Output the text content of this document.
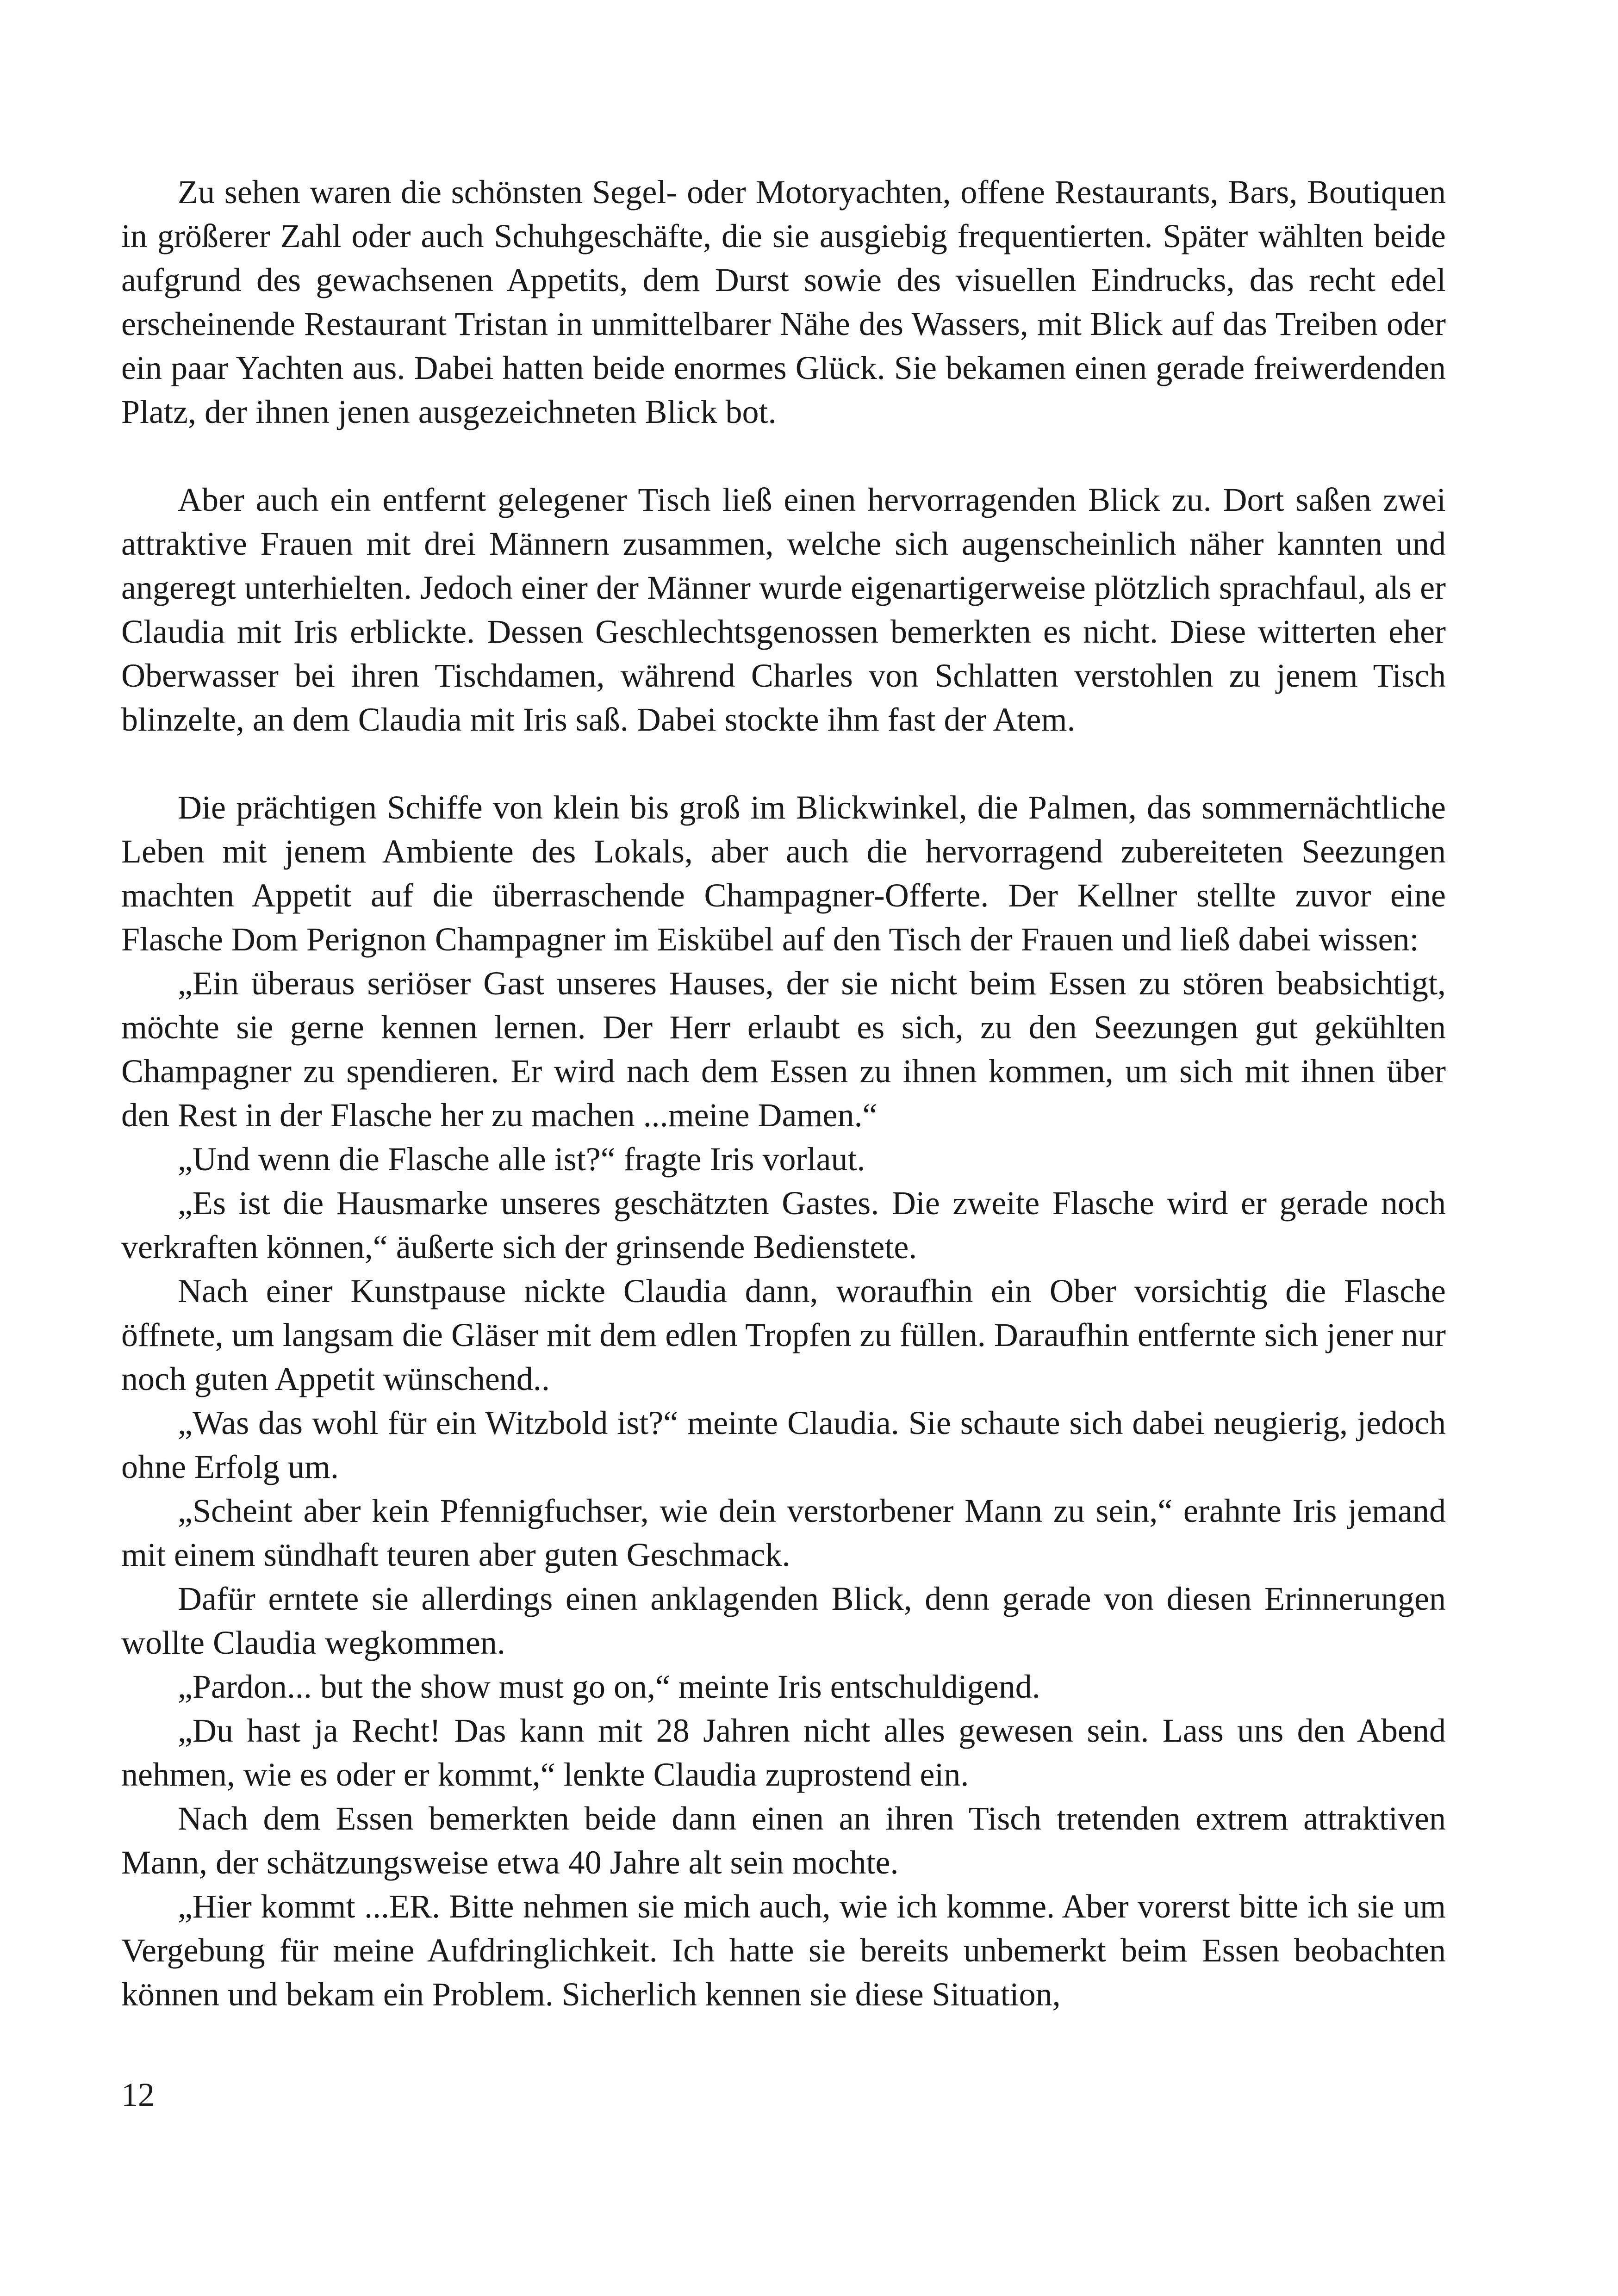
Zu sehen waren die schönsten Segel- oder Motoryachten, offene Restaurants, Bars, Boutiquen in größerer Zahl oder auch Schuhgeschäfte, die sie ausgiebig frequentierten. Später wählten beide aufgrund des gewachsenen Appetits, dem Durst sowie des visuellen Eindrucks, das recht edel erscheinende Restaurant Tristan in unmittelbarer Nähe des Wassers, mit Blick auf das Treiben oder ein paar Yachten aus. Dabei hatten beide enormes Glück. Sie bekamen einen gerade freiwerdenden Platz, der ihnen jenen ausgezeichneten Blick bot.

Aber auch ein entfernt gelegener Tisch ließ einen hervorragenden Blick zu. Dort saßen zwei attraktive Frauen mit drei Männern zusammen, welche sich augenscheinlich näher kannten und angeregt unterhielten. Jedoch einer der Männer wurde eigenartigerweise plötzlich sprachfaul, als er Claudia mit Iris erblickte. Dessen Geschlechtsgenossen bemerkten es nicht. Diese witterten eher Oberwasser bei ihren Tischdamen, während Charles von Schlatten verstohlen zu jenem Tisch blinzelte, an dem Claudia mit Iris saß. Dabei stockte ihm fast der Atem.

Die prächtigen Schiffe von klein bis groß im Blickwinkel, die Palmen, das sommernächtliche Leben mit jenem Ambiente des Lokals, aber auch die hervorragend zubereiteten Seezungen machten Appetit auf die überraschende Champagner-Offerte. Der Kellner stellte zuvor eine Flasche Dom Perignon Champagner im Eiskübel auf den Tisch der Frauen und ließ dabei wissen:

„Ein überaus seriöser Gast unseres Hauses, der sie nicht beim Essen zu stören beabsichtigt, möchte sie gerne kennen lernen. Der Herr erlaubt es sich, zu den Seezungen gut gekühlten Champagner zu spendieren. Er wird nach dem Essen zu ihnen kommen, um sich mit ihnen über den Rest in der Flasche her zu machen ...meine Damen.“

„Und wenn die Flasche alle ist?“ fragte Iris vorlaut.

„Es ist die Hausmarke unseres geschätzten Gastes. Die zweite Flasche wird er gerade noch verkraften können,“ äußerte sich der grinsende Bedienstete.

Nach einer Kunstpause nickte Claudia dann, woraufhin ein Ober vorsichtig die Flasche öffnete, um langsam die Gläser mit dem edlen Tropfen zu füllen. Daraufhin entfernte sich jener nur noch guten Appetit wünschend..

„Was das wohl für ein Witzbold ist?“ meinte Claudia. Sie schaute sich dabei neugierig, jedoch ohne Erfolg um.

„Scheint aber kein Pfennigfuchser, wie dein verstorbener Mann zu sein,“ erahnte Iris jemand mit einem sündhaft teuren aber guten Geschmack.

Dafür erntete sie allerdings einen anklagenden Blick, denn gerade von diesen Erinnerungen wollte Claudia wegkommen.

„Pardon... but the show must go on,“ meinte Iris entschuldigend.

„Du hast ja Recht! Das kann mit 28 Jahren nicht alles gewesen sein. Lass uns den Abend nehmen, wie es oder er kommt,“ lenkte Claudia zuprostend ein.

Nach dem Essen bemerkten beide dann einen an ihren Tisch tretenden extrem attraktiven Mann, der schätzungsweise etwa 40 Jahre alt sein mochte.

„Hier kommt ...ER. Bitte nehmen sie mich auch, wie ich komme. Aber vorerst bitte ich sie um Vergebung für meine Aufdringlichkeit. Ich hatte sie bereits unbemerkt beim Essen beobachten können und bekam ein Problem. Sicherlich kennen sie diese Situation,

12
